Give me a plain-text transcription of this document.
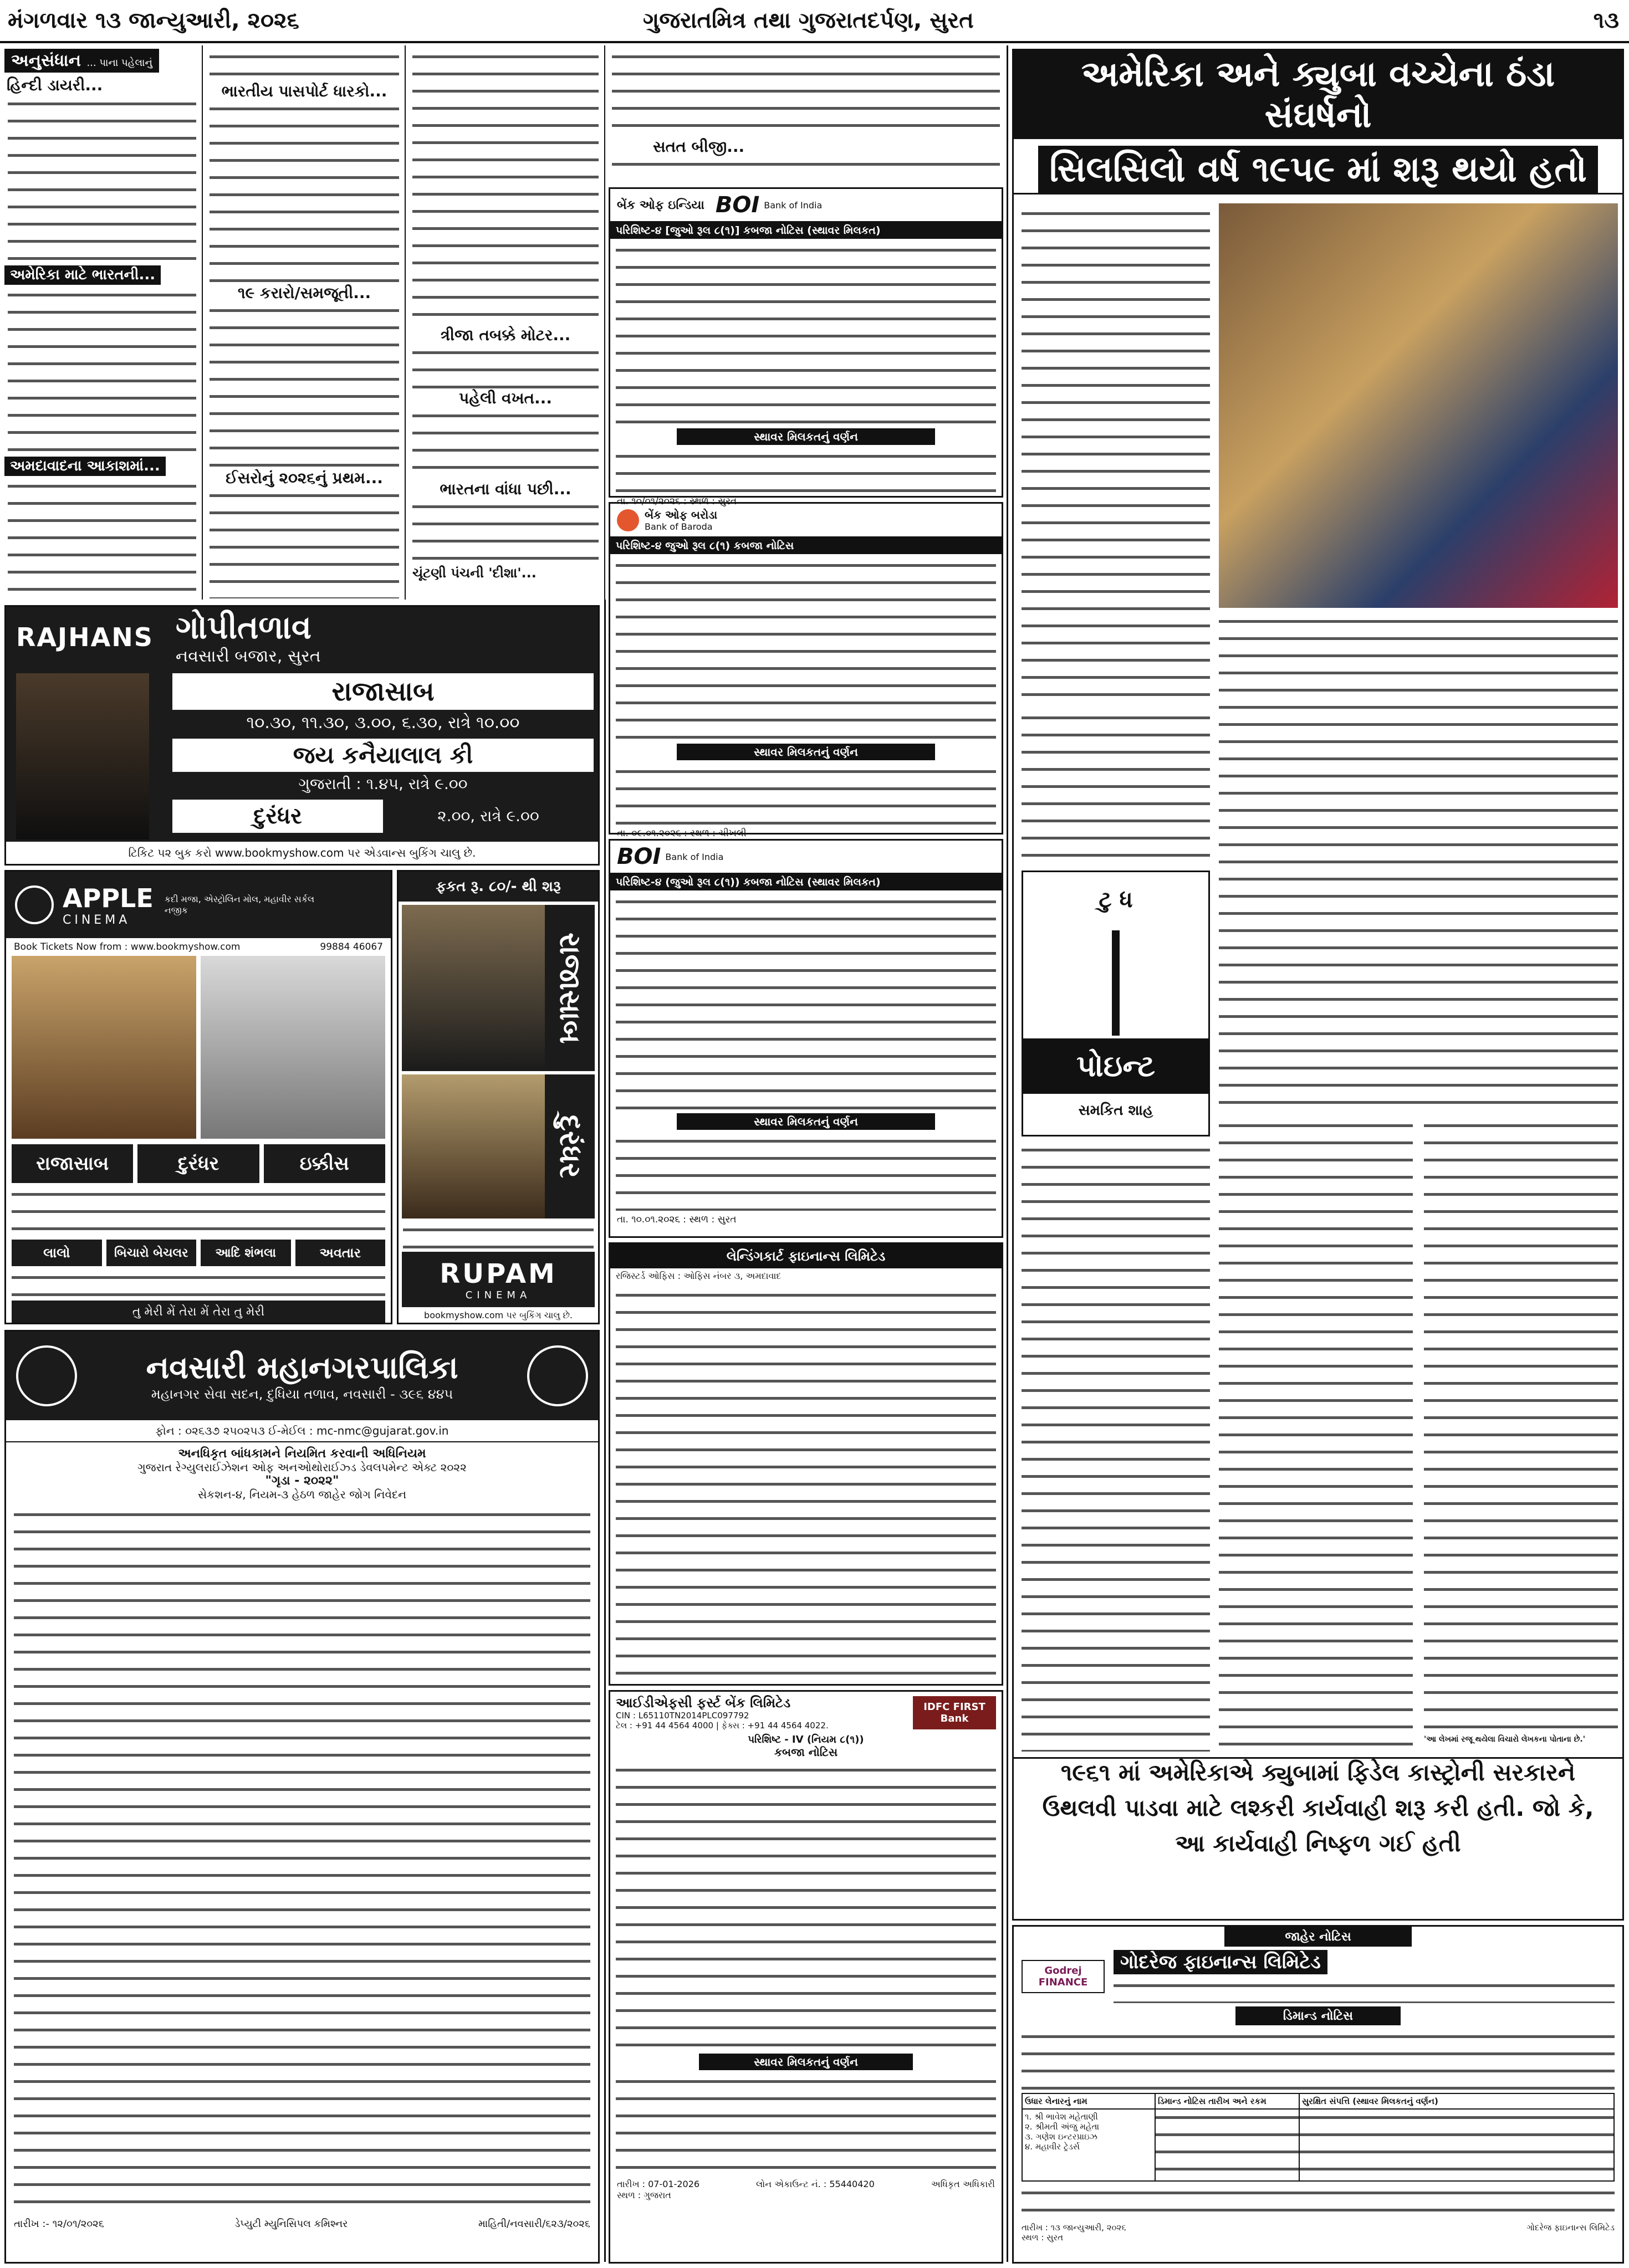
મંગળવાર ૧૩ જાન્યુઆરી, ૨૦૨૬	ગુજરાતમિત્ર તથા ગુજરાતદર્પણ, સુરત	૧૩
અનુસંધાન ... પાના પહેલાનું
હિન્દી ડાયરી...
અમેરિકા માટે ભારતની...
અમદાવાદના આકાશમાં...
ભારતીય પાસપોર્ટ ધારકો...
૧૯ કરારો/સમજૂતી...
ઈસરોનું ૨૦૨૬નું પ્રથમ...
ત્રીજા તબક્કે મોટર...
પહેલી વખત...
ભારતના વાંધા પછી...
ચૂંટણી પંચની 'દીશા'...
સતત બીજી...
બેંક ઓફ ઇન્ડિયા BOI Bank of India
પરિશિષ્ટ-૪ [જુઓ રૂલ ૮(૧)] કબજા નોટિસ (સ્થાવર મિલકત)
સ્થાવર મિલકતનું વર્ણન
તા. ૧૦/૦૧/૨૦૨૬ : સ્થળ : સુરત
બેંક ઓફ બરોડા
Bank of Baroda
પરિશિષ્ટ-૪ જુઓ રૂલ ૮(૧) કબજા નોટિસ
સ્થાવર મિલકતનું વર્ણન
તા. ૦૯.૦૧.૨૦૨૬ : સ્થળ : ચીખલી
BOI Bank of India
પરિશિષ્ટ-૪ (જુઓ રૂલ ૮(૧)) કબજા નોટિસ (સ્થાવર મિલકત)
સ્થાવર મિલકતનું વર્ણન
તા. ૧૦.૦૧.૨૦૨૬ : સ્થળ : સુરત
લેન્ડિંગકાર્ટ ફાઇનાન્સ લિમિટેડ
રજિસ્ટર્ડ ઓફિસ : ઓફિસ નંબર ૩, અમદાવાદ
આઈડીએફસી ફર્સ્ટ બેંક લિમિટેડ
CIN : L65110TN2014PLC097792
ટેલ : +91 44 4564 4000 | ફેક્સ : +91 44 4564 4022.
IDFC FIRST Bank
પરિશિષ્ટ - IV (નિયમ ૮(૧))
કબજા નોટિસ
સ્થાવર મિલકતનું વર્ણન
તારીખ : 07-01-2026
સ્થળ : ગુજરાત
લોન એકાઉન્ટ નં. : 55440420	અધિકૃત અધિકારી
RAJHANS ગોપીતળાવ
નવસારી બજાર, સુરત
રાજાસાબ
૧૦.૩૦, ૧૧.૩૦, ૩.૦૦, ૬.૩૦, રાત્રે ૧૦.૦૦
જય કનૈયાલાલ કી
ગુજરાતી : ૧.૪૫, રાત્રે ૯.૦૦
દુરંધર	૨.૦૦, રાત્રે ૯.૦૦
ટિકિટ ૫૨ બુક કરો www.bookmyshow.com પર એડવાન્સ બુકિંગ ચાલુ છે.
APPLE
CINEMA
કદી મજા, એસ્ટ્રોલિન મોલ, મહાવીર સર્કલ નજીક
Book Tickets Now from : www.bookmyshow.com	99884 46067
રાજાસાબ	દુરંધર	ઇક્કીસ
લાલો	બિચારો બેચલર	આદિ શંભલા	અવતાર
તુ મેરી મેં તેરા મેં તેરા તુ મેરી
ફકત રૂ. ૮૦/- થી શરૂ
રાજાસાબ
દુરંધર
RUPAM
CINEMA
bookmyshow.com પર બુકિંગ ચાલુ છે.
નવસારી મહાનગરપાલિકા
મહાનગર સેવા સદન, દુધિયા તળાવ, નવસારી - ૩૯૬ ૪૪૫
ફોન : ૦૨૬૩૭ ૨૫૦૨૫૩ ઈ-મેઈલ : mc-nmc@gujarat.gov.in
અનધિકૃત બાંધકામને નિયમિત કરવાની અધિનિયમ
ગુજરાત રેગ્યુલરાઈઝેશન ઓફ અનઓથોરાઈઝ્ડ ડેવલપમેન્ટ એક્ટ ૨૦૨૨
"ગૃડા - ૨૦૨૨"
સેકશન-૪, નિયમ-૩ હેઠળ જાહેર જોગ નિવેદન
તારીખ :- ૧૨/૦૧/૨૦૨૬	ડેપ્યુટી મ્યુનિસિપલ કમિશ્નર	માહિતી/નવસારી/૬૨૩/૨૦૨૬
અમેરિકા અને ક્યુબા વચ્ચેના ઠંડા સંઘર્ષનો
સિલસિલો વર્ષ ૧૯૫૯ માં શરૂ થયો હતો
ટુ ધ
પોઇન્ટ
સમકિત શાહ
'આ લેખમાં રજૂ થયેલા વિચારો લેખકના પોતાના છે.'
૧૯૬૧ માં અમેરિકાએ ક્યુબામાં ફિડેલ કાસ્ટ્રોની સરકારને ઉથલવી પાડવા માટે લશ્કરી કાર્યવાહી શરૂ કરી હતી. જો કે, આ કાર્યવાહી નિષ્ફળ ગઈ હતી
જાહેર નોટિસ
Godrej FINANCE
ગોદરેજ ફાઇનાન્સ લિમિટેડ
ડિમાન્ડ નોટિસ
ઉધાર લેનારનું નામ	ડિમાન્ડ નોટિસ તારીખ અને રકમ	સુરક્ષિત સંપત્તિ (સ્થાવર મિલકતનું વર્ણન)
૧. શ્રી ભાવેશ મહેતાણી
૨. શ્રીમતી અંજુ મહેતા
૩. ગણેશ ઇન્ટરપ્રાઇઝ
૪. મહાવીર ટ્રેડર્સ
તારીખ : ૧૩ જાન્યુઆરી, ૨૦૨૬
સ્થળ : સુરત
ગોદરેજ ફાઇનાન્સ લિમિટેડ
